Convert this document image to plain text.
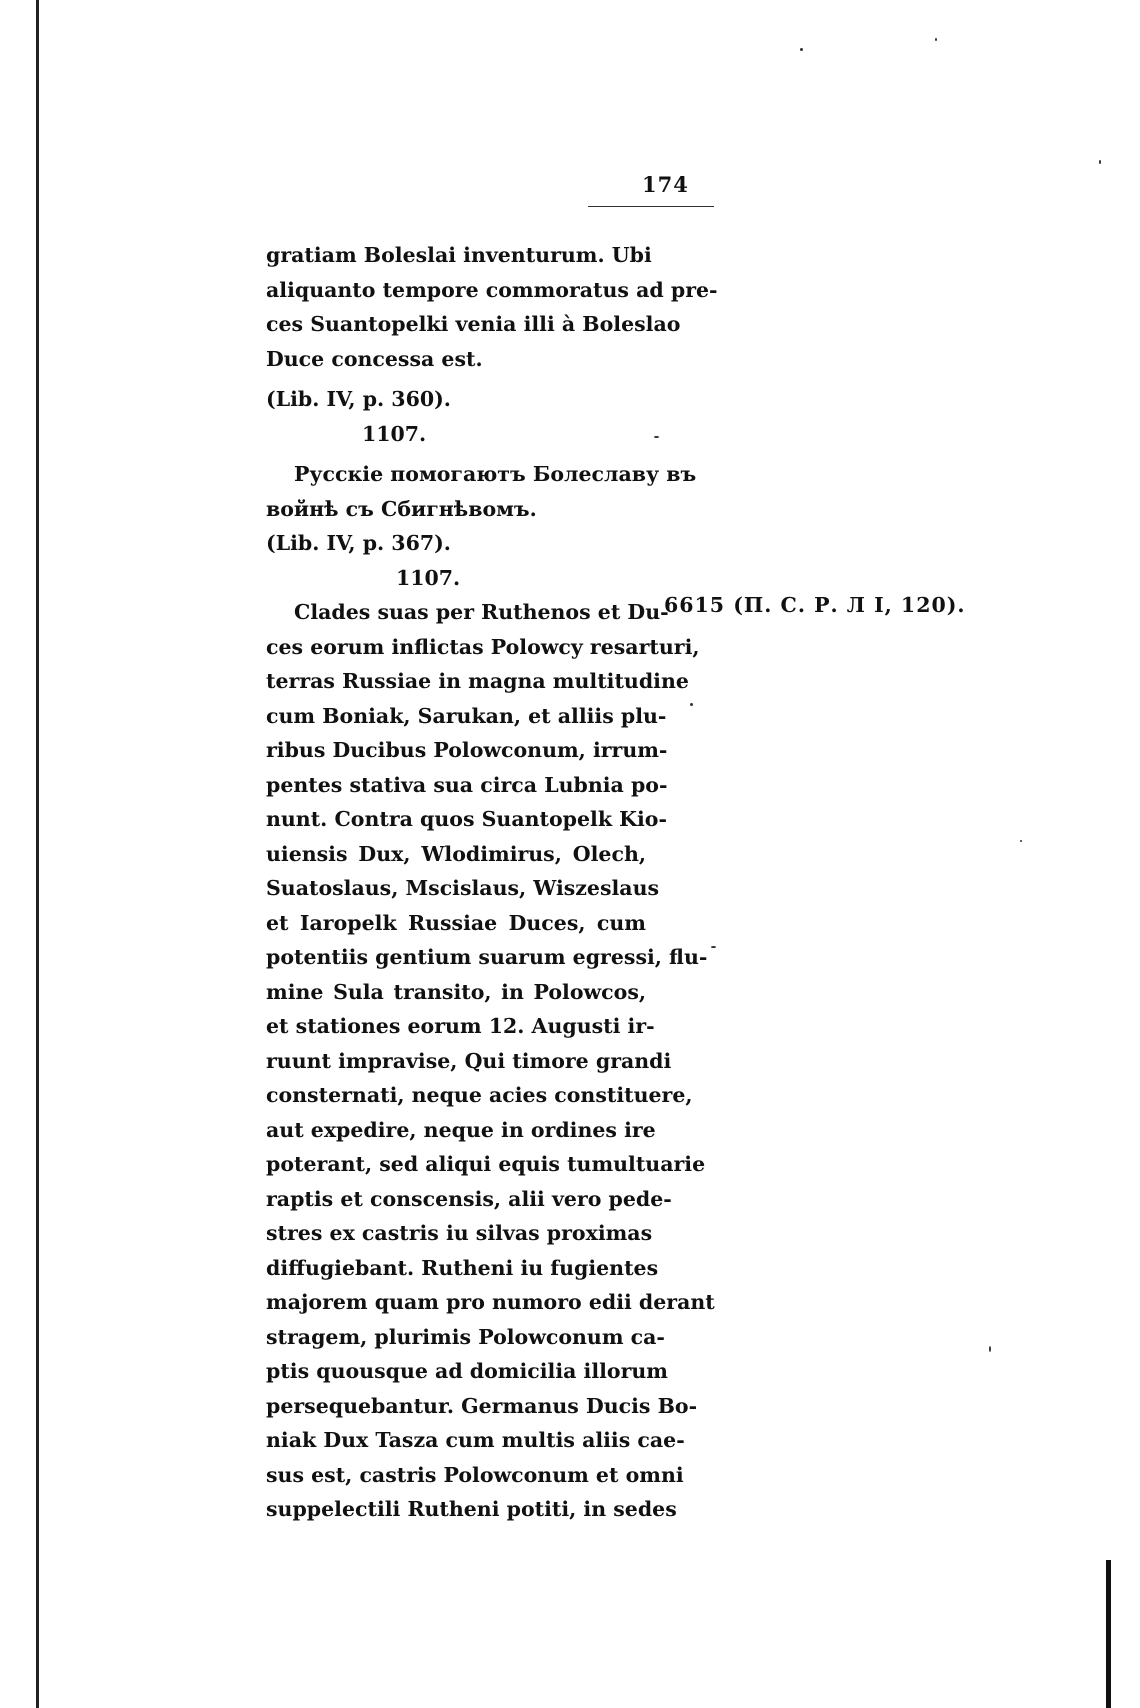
174
6615 (П. С. Р. Л І, 120).
gratiam Boleslai inventurum. Ubi
aliquanto tempore commoratus ad pre-
ces Suantopelki venia illi à Boleslao
Duce concessa est.
(Lib. IV, p. 360).
1107.
Русскіе помогаютъ Болеславу въ
войнѣ съ Сбигнѣвомъ.
(Lib. IV, p. 367).
1107.
Clades suas per Ruthenos et Du-
ces eorum inflictas Polowcy resarturi,
terras Russiae in magna multitudine
cum Boniak, Sarukan, et alliis plu-
ribus Ducibus Polowconum, irrum-
pentes stativa sua circa Lubnia po-
nunt. Contra quos Suantopelk Kio-
uiensis Dux, Wlodimirus, Olech,
Suatoslaus, Mscislaus, Wiszeslaus
et Iaropelk Russiae Duces, cum
potentiis gentium suarum egressi, flu-
mine Sula transito, in Polowcos,
et stationes eorum 12. Augusti ir-
ruunt impravise, Qui timore grandi
consternati, neque acies constituere,
aut expedire, neque in ordines ire
poterant, sed aliqui equis tumultuarie
raptis et conscensis, alii vero pede-
stres ex castris iu silvas proximas
diffugiebant. Rutheni iu fugientes
majorem quam pro numoro edii derant
stragem, plurimis Polowconum ca-
ptis quousque ad domicilia illorum
persequebantur. Germanus Ducis Bo-
niak Dux Tasza cum multis aliis cae-
sus est, castris Polowconum et omni
suppelectili Rutheni potiti, in sedes
